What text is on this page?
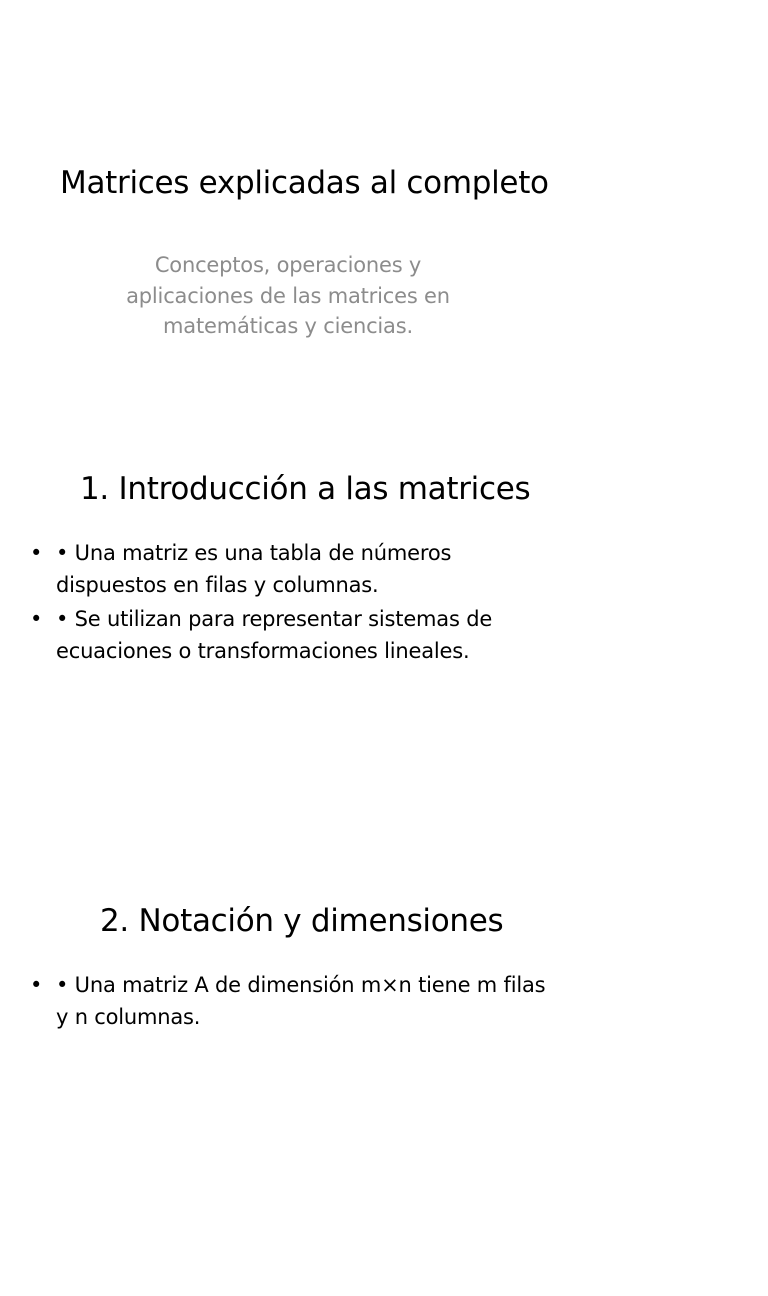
Matrices explicadas al completo
Conceptos, operaciones y aplicaciones de las matrices en matemáticas y ciencias.
1. Introducción a las matrices
• • Una matriz es una tabla de números dispuestos en filas y columnas.
• • Se utilizan para representar sistemas de ecuaciones o transformaciones lineales.
2. Notación y dimensiones
• • Una matriz A de dimensión m×n tiene m filas y n columnas.
